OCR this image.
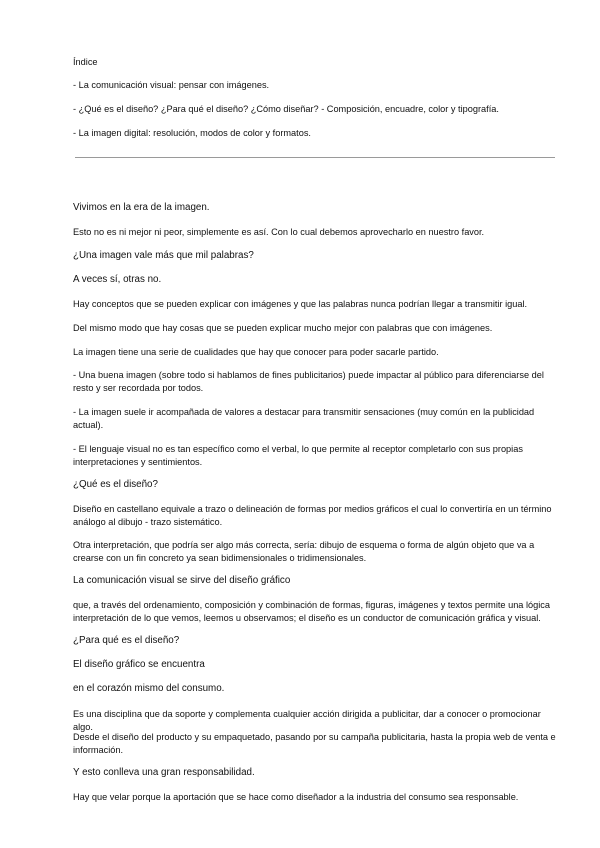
Índice
- La comunicación visual: pensar con imágenes.
- ¿Qué es el diseño? ¿Para qué el diseño? ¿Cómo diseñar? - Composición, encuadre, color y tipografía.
- La imagen digital: resolución, modos de color y formatos.
Vivimos en la era de la imagen.
Esto no es ni mejor ni peor, simplemente es así. Con lo cual debemos aprovecharlo en nuestro favor.
¿Una imagen vale más que mil palabras?
A veces sí, otras no.
Hay conceptos que se pueden explicar con imágenes y que las palabras nunca podrían llegar a transmitir igual.
Del mismo modo que hay cosas que se pueden explicar mucho mejor con palabras que con imágenes.
La imagen tiene una serie de cualidades que hay que conocer para poder sacarle partido.
- Una buena imagen (sobre todo si hablamos de fines publicitarios) puede impactar al público para diferenciarse del resto y ser recordada por todos.
- La imagen suele ir acompañada de valores a destacar para transmitir sensaciones (muy común en la publicidad actual).
- El lenguaje visual no es tan específico como el verbal, lo que permite al receptor completarlo con sus propias interpretaciones y sentimientos.
¿Qué es el diseño?
Diseño en castellano equivale a trazo o delineación de formas por medios gráficos el cual lo convertiría en un término análogo al dibujo - trazo sistemático.
Otra interpretación, que podría ser algo más correcta, sería: dibujo de esquema o forma de algún objeto que va a crearse con un fin concreto ya sean bidimensionales o tridimensionales.
La comunicación visual se sirve del diseño gráfico
que, a través del ordenamiento, composición y combinación de formas, figuras, imágenes y textos permite una lógica interpretación de lo que vemos, leemos u observamos; el diseño es un conductor de comunicación gráfica y visual.
¿Para qué es el diseño?
El diseño gráfico se encuentra
en el corazón mismo del consumo.
Es una disciplina que da soporte y complementa cualquier acción dirigida a publicitar, dar a conocer o promocionar algo.
Desde el diseño del producto y su empaquetado, pasando por su campaña publicitaria, hasta la propia web de venta e información.
Y esto conlleva una gran responsabilidad.
Hay que velar porque la aportación que se hace como diseñador a la industria del consumo sea responsable.
